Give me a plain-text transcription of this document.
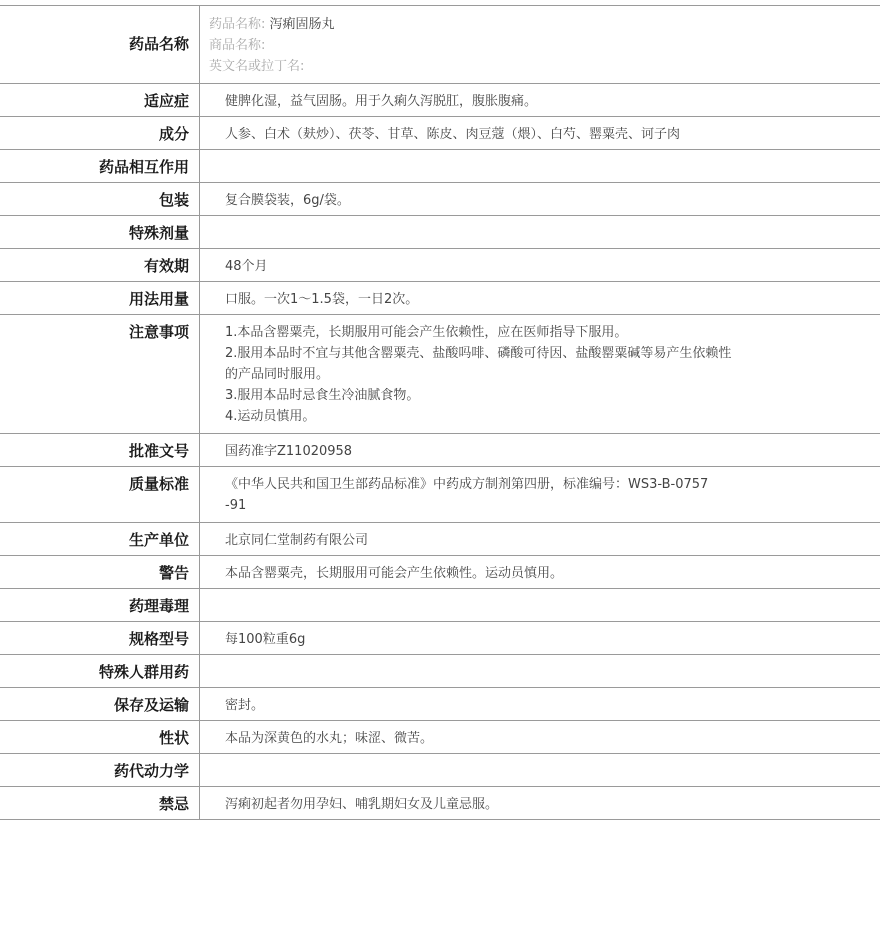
药品名称
药品名称: 泻痢固肠丸
商品名称:
英文名或拉丁名:
适应症	健脾化湿，益气固肠。用于久痢久泻脱肛，腹胀腹痛。
成分	人参、白术（麸炒）、茯苓、甘草、陈皮、肉豆蔻（煨）、白芍、罂粟壳、诃子肉
药品相互作用
包装	复合膜袋装，6g/袋。
特殊剂量
有效期	48个月
用法用量	口服。一次1～1.5袋，一日2次。
注意事项	1.本品含罂粟壳，长期服用可能会产生依赖性，应在医师指导下服用。
2.服用本品时不宜与其他含罂粟壳、盐酸吗啡、磷酸可待因、盐酸罂粟碱等易产生依赖性
的产品同时服用。
3.服用本品时忌食生冷油腻食物。
4.运动员慎用。
批准文号	国药准字Z11020958
质量标准	《中华人民共和国卫生部药品标准》中药成方制剂第四册，标准编号：WS3-B-0757
-91
生产单位	北京同仁堂制药有限公司
警告	本品含罂粟壳，长期服用可能会产生依赖性。运动员慎用。
药理毒理
规格型号	每100粒重6g
特殊人群用药
保存及运输	密封。
性状	本品为深黄色的水丸；味涩、微苦。
药代动力学
禁忌	泻痢初起者勿用孕妇、哺乳期妇女及儿童忌服。
